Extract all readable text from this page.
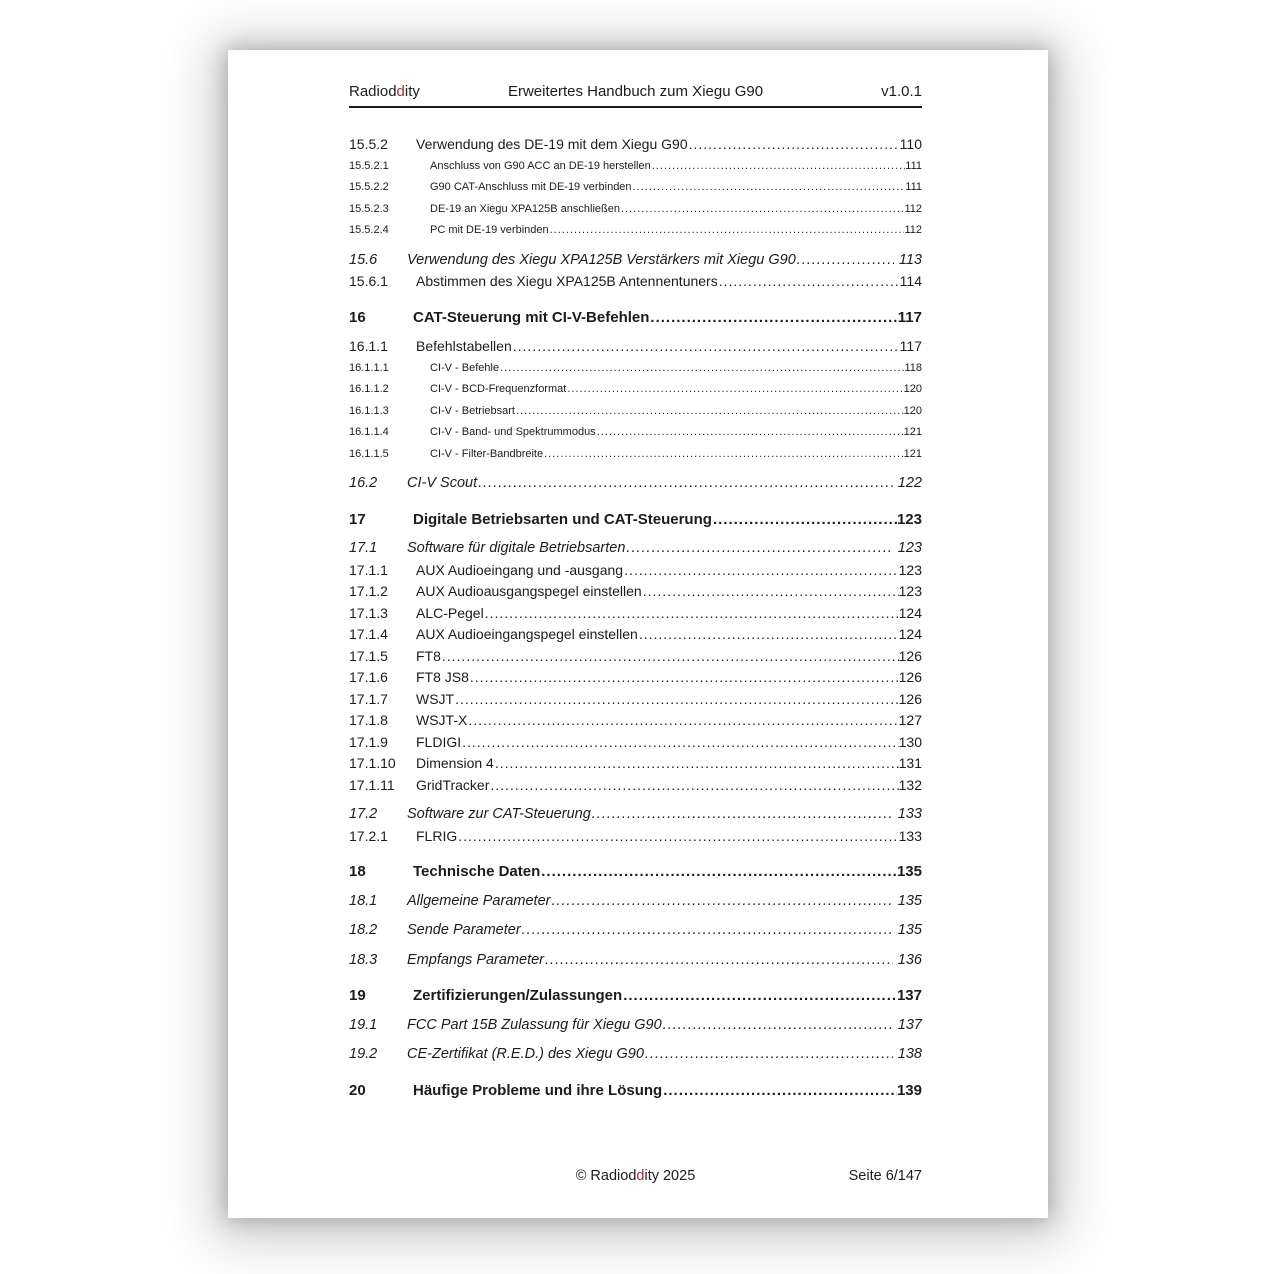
Radioddity	Erweitertes Handbuch zum Xiegu G90	v1.0.1
15.5.2	Verwendung des DE-19 mit dem Xiegu G90 .....	110
15.5.2.1	Anschluss von G90 ACC an DE-19 herstellen .....	111
15.5.2.2	G90 CAT-Anschluss mit DE-19 verbinden .....	111
15.5.2.3	DE-19 an Xiegu XPA125B anschließen .....	112
15.5.2.4	PC mit DE-19 verbinden .....	112
15.6	Verwendung des Xiegu XPA125B Verstärkers mit Xiegu G90 .....	113
15.6.1	Abstimmen des Xiegu XPA125B Antennentuners .....	114
16	CAT-Steuerung mit CI-V-Befehlen .....	117
16.1.1	Befehlstabellen .....	117
16.1.1.1	CI-V - Befehle .....	118
16.1.1.2	CI-V - BCD-Frequenzformat .....	120
16.1.1.3	CI-V - Betriebsart .....	120
16.1.1.4	CI-V - Band- und Spektrummodus .....	121
16.1.1.5	CI-V - Filter-Bandbreite .....	121
16.2	CI-V Scout .....	122
17	Digitale Betriebsarten und CAT-Steuerung .....	123
17.1	Software für digitale Betriebsarten .....	123
17.1.1	AUX Audioeingang und -ausgang .....	123
17.1.2	AUX Audioausgangspegel einstellen .....	123
17.1.3	ALC-Pegel .....	124
17.1.4	AUX Audioeingangspegel einstellen .....	124
17.1.5	FT8 .....	126
17.1.6	FT8 JS8 .....	126
17.1.7	WSJT .....	126
17.1.8	WSJT-X .....	127
17.1.9	FLDIGI .....	130
17.1.10	Dimension 4 .....	131
17.1.11	GridTracker .....	132
17.2	Software zur CAT-Steuerung .....	133
17.2.1	FLRIG .....	133
18	Technische Daten .....	135
18.1	Allgemeine Parameter .....	135
18.2	Sende Parameter .....	135
18.3	Empfangs Parameter .....	136
19	Zertifizierungen/Zulassungen .....	137
19.1	FCC Part 15B Zulassung für Xiegu G90 .....	137
19.2	CE-Zertifikat (R.E.D.) des Xiegu G90 .....	138
20	Häufige Probleme und ihre Lösung .....	139
© Radioddity 2025	Seite 6/147
